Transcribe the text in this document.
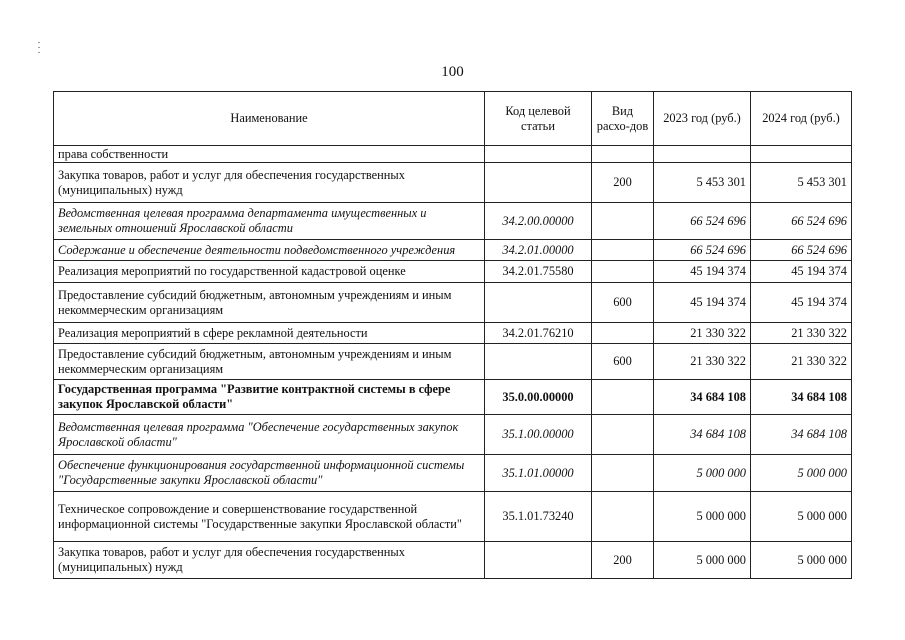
100
Наименование	Код целевой статьи	Вид расхо-дов	2023 год (руб.)	2024 год (руб.)
права собственности				
Закупка товаров, работ и услуг для обеспечения государственных (муниципальных) нужд		200	5 453 301	5 453 301
Ведомственная целевая программа департамента имущественных и земельных отношений Ярославской области	34.2.00.00000		66 524 696	66 524 696
Содержание и обеспечение деятельности подведомственного учреждения	34.2.01.00000		66 524 696	66 524 696
Реализация мероприятий по государственной кадастровой оценке	34.2.01.75580		45 194 374	45 194 374
Предоставление субсидий бюджетным, автономным учреждениям и иным некоммерческим организациям		600	45 194 374	45 194 374
Реализация мероприятий в сфере рекламной деятельности	34.2.01.76210		21 330 322	21 330 322
Предоставление субсидий бюджетным, автономным учреждениям и иным некоммерческим организациям		600	21 330 322	21 330 322
Государственная программа "Развитие контрактной системы в сфере закупок Ярославской области"	35.0.00.00000		34 684 108	34 684 108
Ведомственная целевая программа "Обеспечение государственных закупок Ярославской области"	35.1.00.00000		34 684 108	34 684 108
Обеспечение функционирования государственной информационной системы "Государственные закупки Ярославской области"	35.1.01.00000		5 000 000	5 000 000
Техническое сопровождение и совершенствование государственной информационной системы "Государственные закупки Ярославской области"	35.1.01.73240		5 000 000	5 000 000
Закупка товаров, работ и услуг для обеспечения государственных (муниципальных) нужд		200	5 000 000	5 000 000
